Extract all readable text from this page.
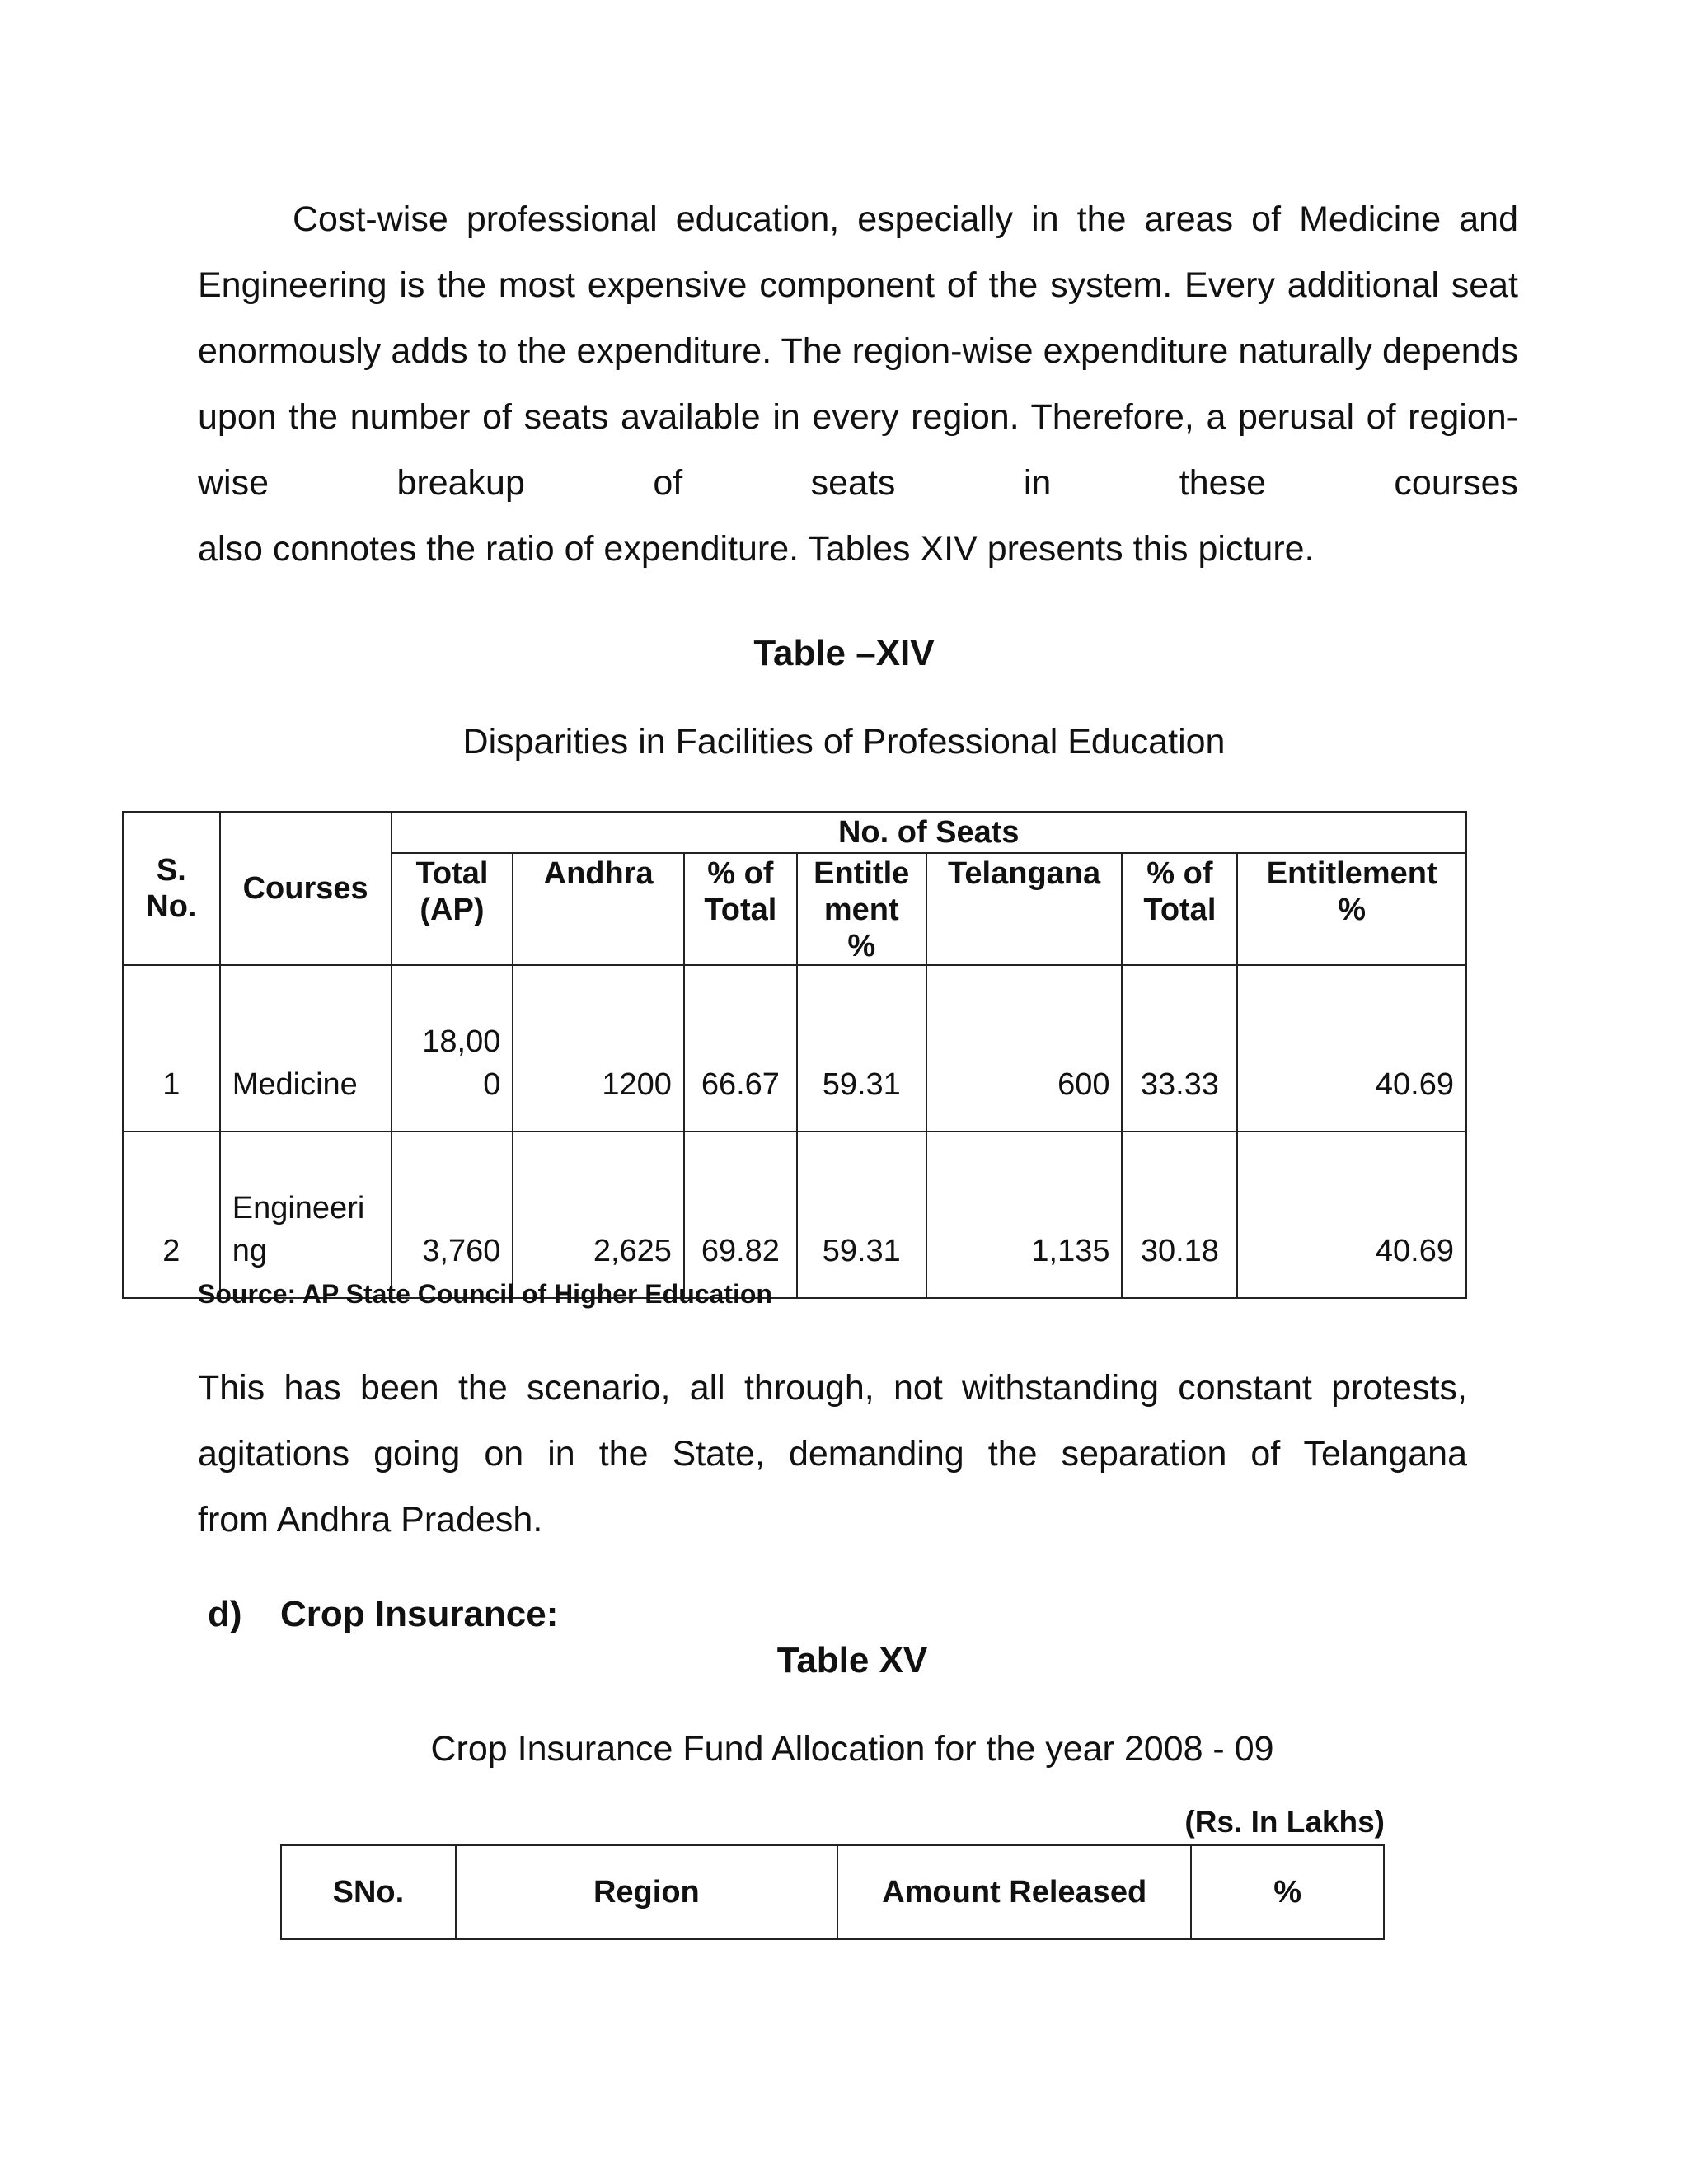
Cost-wise professional education, especially in the areas of Medicine and Engineering is the most expensive component of the system. Every additional seat enormously adds to the expenditure. The region-wise expenditure naturally depends upon the number of seats available in every region. Therefore, a perusal of region-wise breakup of seats in these courses
also connotes the ratio of expenditure. Tables XIV presents this picture.

Table –XIV

Disparities in Facilities of Professional Education

S. No.	Courses	No. of Seats						
		Total (AP)	Andhra	% of Total	Entitle ment %	Telangana	% of Total	Entitlement %
1	Medicine	18,00 0	1200	66.67	59.31	600	33.33	40.69
2	Engineeri ng	3,760	2,625	69.82	59.31	1,135	30.18	40.69

Source: AP State Council of Higher Education

This has been the scenario, all through, not withstanding constant protests, agitations going on in the State, demanding the separation of Telangana
from Andhra Pradesh.

d) Crop Insurance:

Table XV

Crop Insurance Fund Allocation for the year 2008 - 09

(Rs. In Lakhs)

SNo.	Region	Amount Released	%
